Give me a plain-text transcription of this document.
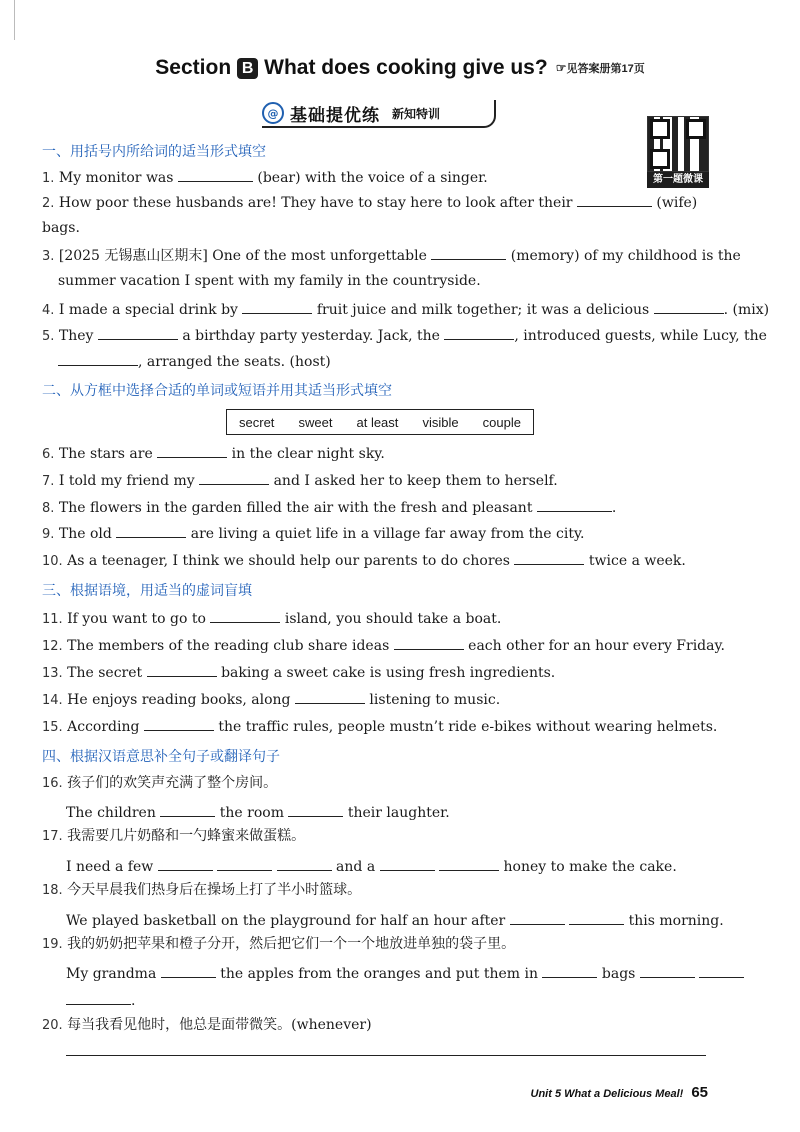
Section B What does cooking give us? ☞见答案册第17页
@ 基础提优练 新知特训
第一题微课
一、用括号内所给词的适当形式填空
1. My monitor was	(bear) with the voice of a singer.
2. How poor these husbands are! They have to stay here to look after their	(wife)
bags.
3. [2025 无锡惠山区期末] One of the most unforgettable	(memory) of my childhood is the
summer vacation I spent with my family in the countryside.
4. I made a special drink by	fruit juice and milk together; it was a delicious	. (mix)
5. They	a birthday party yesterday. Jack, the	, introduced guests, while Lucy, the
, arranged the seats. (host)
二、从方框中选择合适的单词或短语并用其适当形式填空
secret sweet at least visible couple
6. The stars are	in the clear night sky.
7. I told my friend my	and I asked her to keep them to herself.
8. The flowers in the garden filled the air with the fresh and pleasant	.
9. The old	are living a quiet life in a village far away from the city.
10. As a teenager, I think we should help our parents to do chores	twice a week.
三、根据语境，用适当的虚词盲填
11. If you want to go to	island, you should take a boat.
12. The members of the reading club share ideas	each other for an hour every Friday.
13. The secret	baking a sweet cake is using fresh ingredients.
14. He enjoys reading books, along	listening to music.
15. According	the traffic rules, people mustn’t ride e-bikes without wearing helmets.
四、根据汉语意思补全句子或翻译句子
16. 孩子们的欢笑声充满了整个房间。
The children	the room	their laughter.
17. 我需要几片奶酪和一勺蜂蜜来做蛋糕。
I need a few	and a	honey to make the cake.
18. 今天早晨我们热身后在操场上打了半小时篮球。
We played basketball on the playground for half an hour after	this morning.
19. 我的奶奶把苹果和橙子分开，然后把它们一个一个地放进单独的袋子里。
My grandma	the apples from the oranges and put them in	bags
.
20. 每当我看见他时，他总是面带微笑。(whenever)
Unit 5 What a Delicious Meal! 65
